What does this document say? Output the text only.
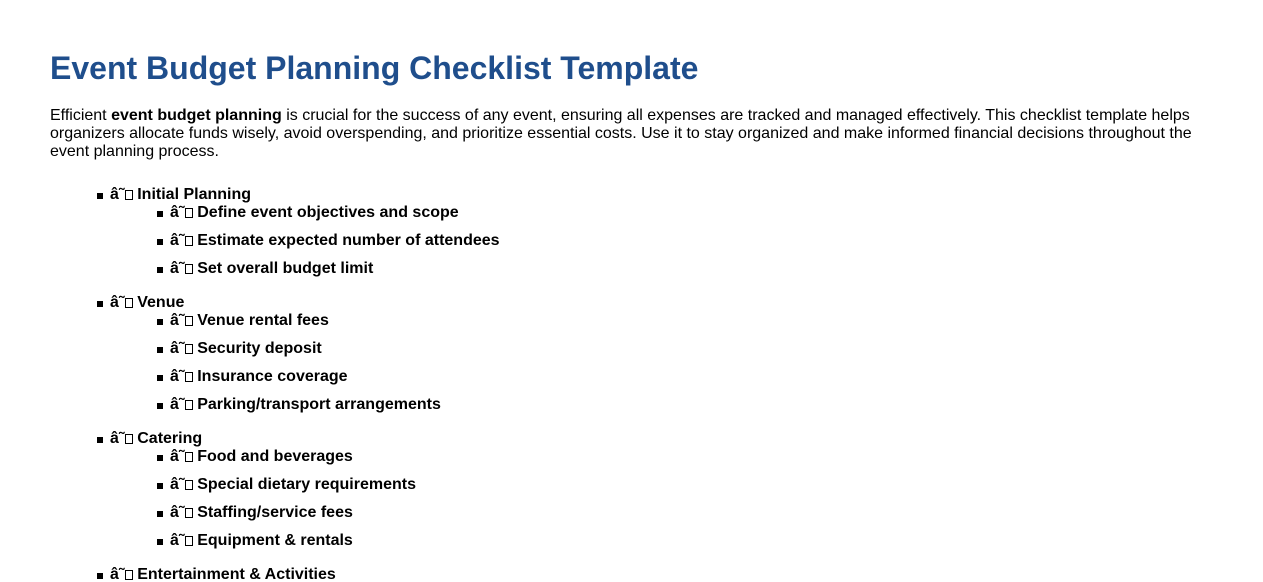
Event Budget Planning Checklist Template

Efficient event budget planning is crucial for the success of any event, ensuring all expenses are tracked and managed effectively. This checklist template helps organizers allocate funds wisely, avoid overspending, and prioritize essential costs. Use it to stay organized and make informed financial decisions throughout the event planning process.

â˜ Initial Planning
â˜ Define event objectives and scope
â˜ Estimate expected number of attendees
â˜ Set overall budget limit
â˜ Venue
â˜ Venue rental fees
â˜ Security deposit
â˜ Insurance coverage
â˜ Parking/transport arrangements
â˜ Catering
â˜ Food and beverages
â˜ Special dietary requirements
â˜ Staffing/service fees
â˜ Equipment & rentals
â˜ Entertainment & Activities
